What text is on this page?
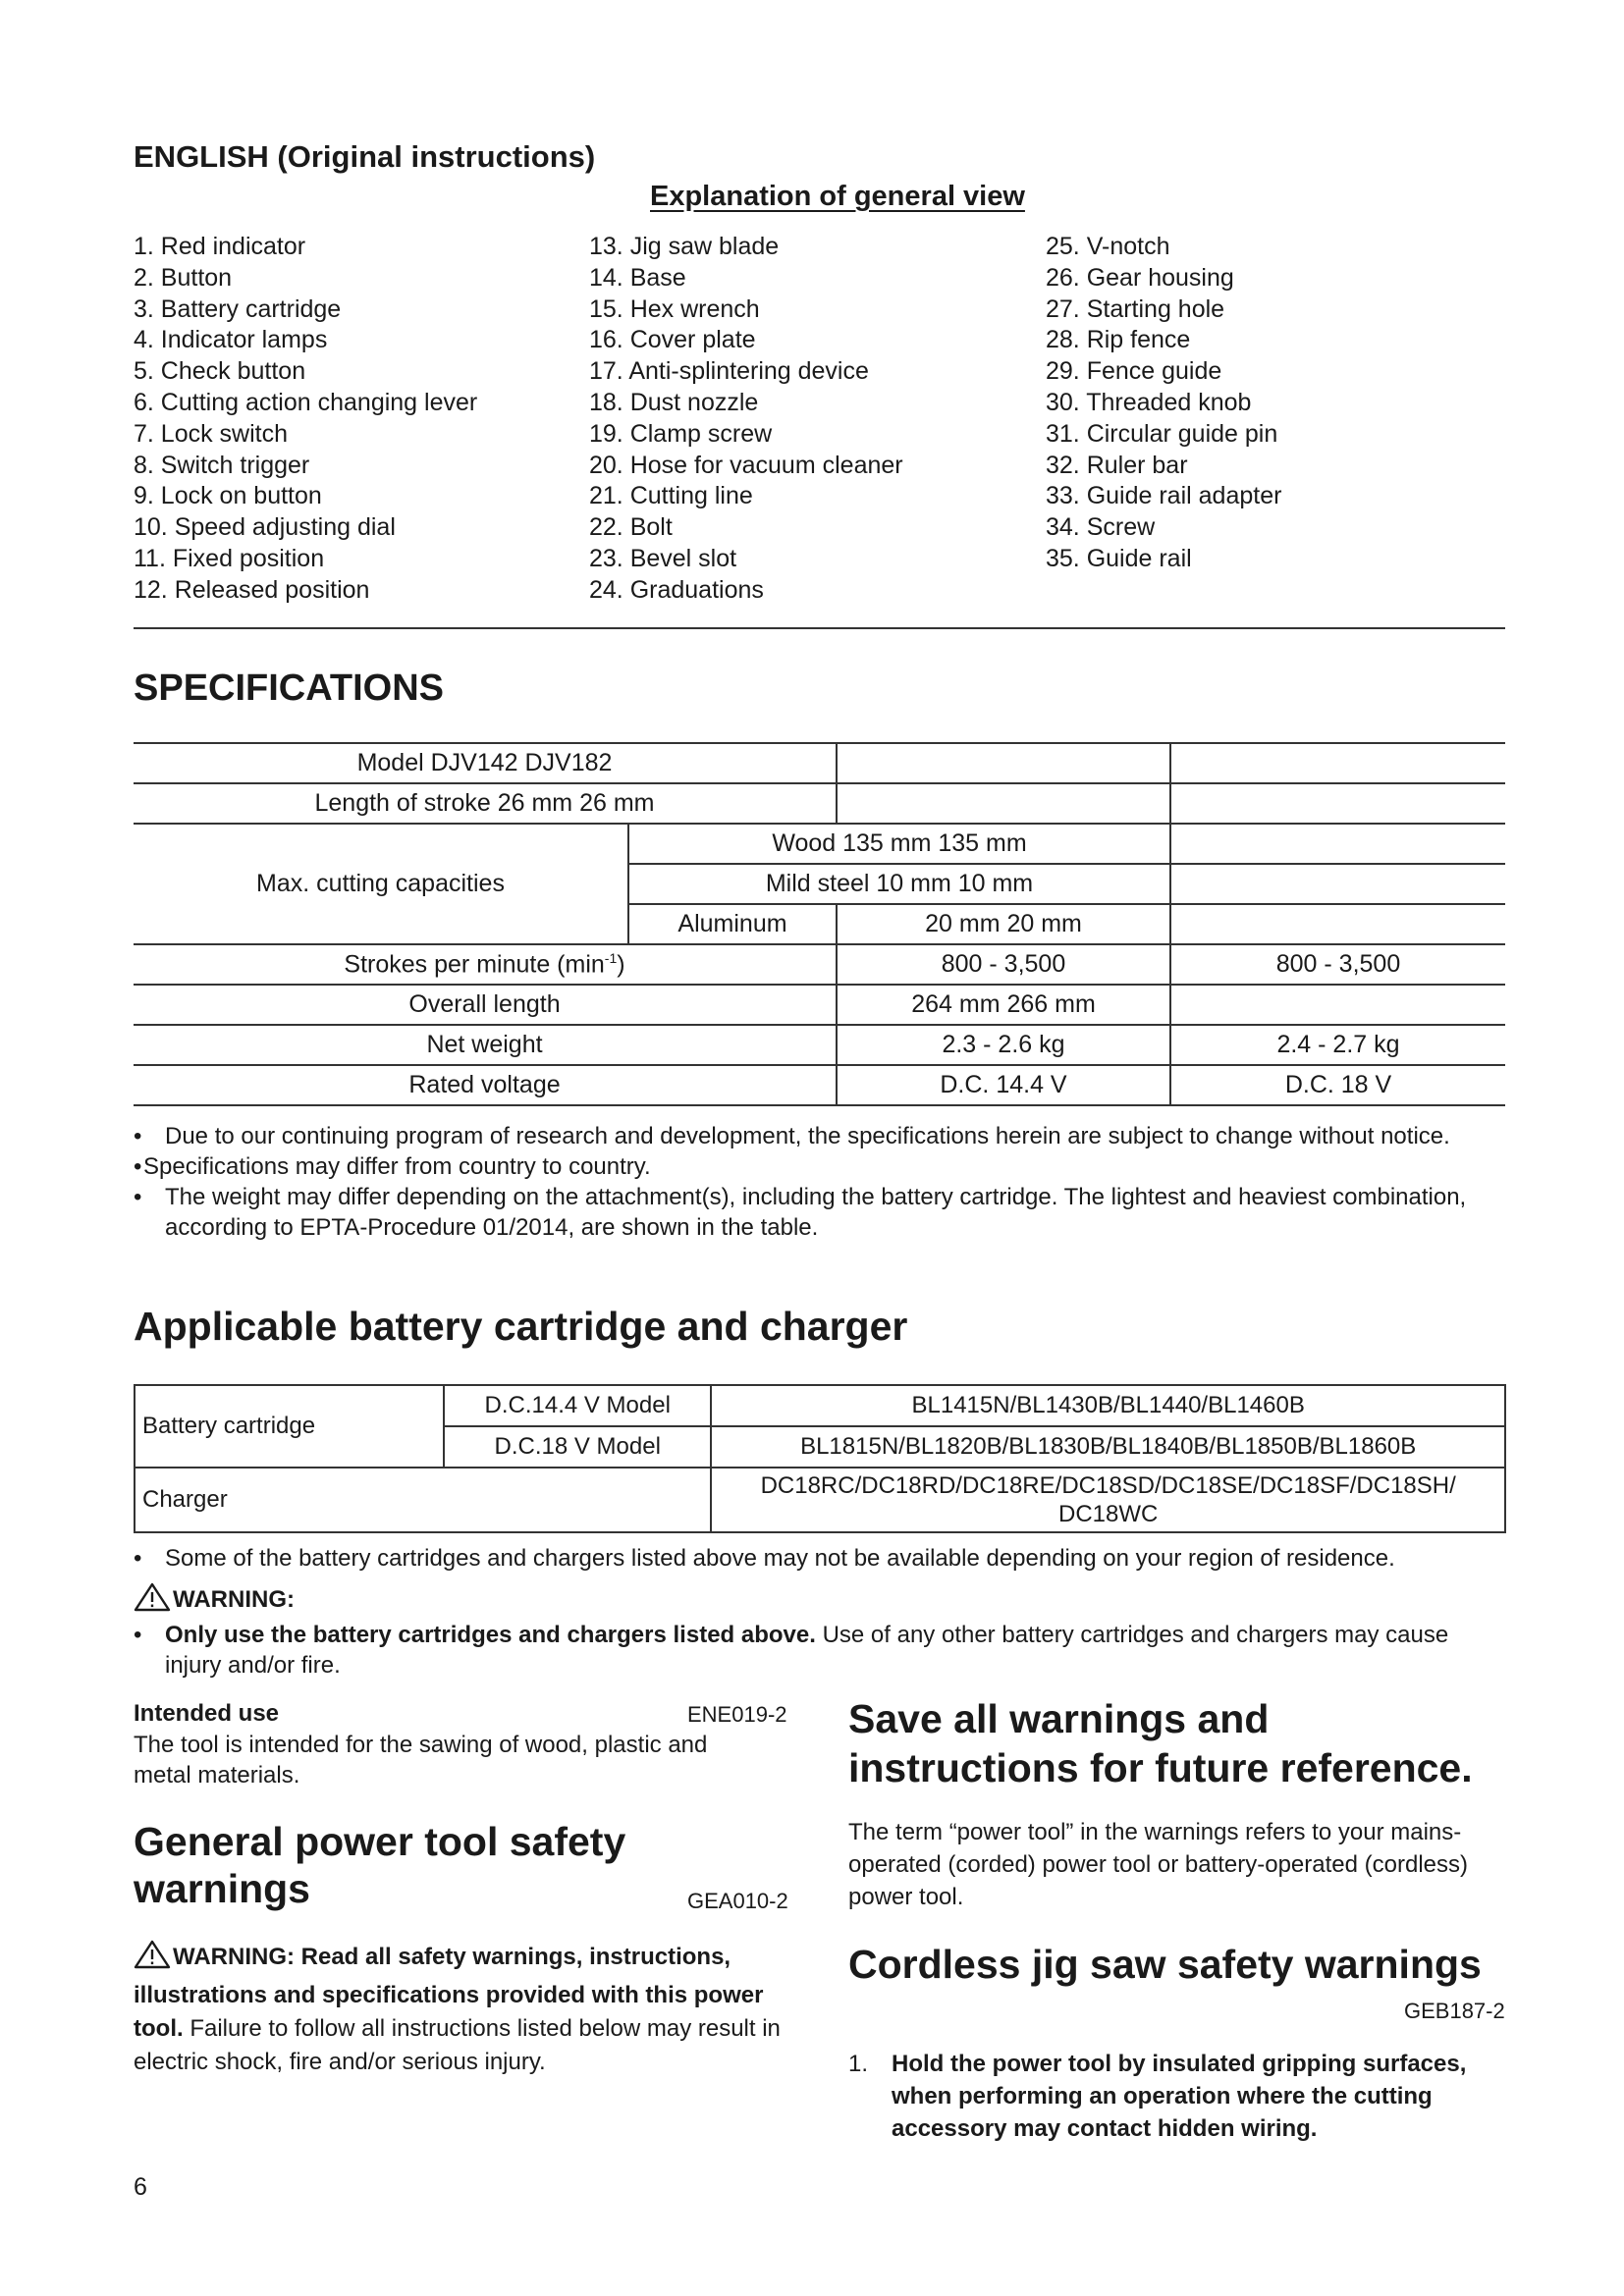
ENGLISH (Original instructions)
Explanation of general view
1. Red indicator
2. Button
3. Battery cartridge
4. Indicator lamps
5. Check button
6. Cutting action changing lever
7. Lock switch
8. Switch trigger
9. Lock on button
10. Speed adjusting dial
11. Fixed position
12. Released position
13. Jig saw blade
14. Base
15. Hex wrench
16. Cover plate
17. Anti-splintering device
18. Dust nozzle
19. Clamp screw
20. Hose for vacuum cleaner
21. Cutting line
22. Bolt
23. Bevel slot
24. Graduations
25. V-notch
26. Gear housing
27. Starting hole
28. Rip fence
29. Fence guide
30. Threaded knob
31. Circular guide pin
32. Ruler bar
33. Guide rail adapter
34. Screw
35. Guide rail
SPECIFICATIONS
Model DJV142 DJV182			
Length of stroke 26 mm 26 mm			
Max. cutting capacities	Wood 135 mm 135 mm		
	Mild steel 10 mm 10 mm		
	Aluminum	20 mm 20 mm	
Strokes per minute $(\min^{-1})$		800 - 3,500	800 - 3,500
Overall length		264 mm 266 mm	
Net weight		2.3 - 2.6 kg	2.4 - 2.7 kg
Rated voltage		D.C. 14.4 V	D.C. 18 V
• Due to our continuing program of research and development, the specifications herein are subject to change without notice.
• Specifications may differ from country to country.
• The weight may differ depending on the attachment(s), including the battery cartridge. The lightest and heaviest combination, according to EPTA-Procedure 01/2014, are shown in the table.
Applicable battery cartridge and charger
Battery cartridge	D.C.14.4 V Model	BL1415N/BL1430B/BL1440/BL1460B
	D.C.18 V Model	BL1815N/BL1820B/BL1830B/BL1840B/BL1850B/BL1860B
Charger		DC18RC/DC18RD/DC18RE/DC18SD/DC18SE/DC18SF/DC18SH/
DC18WC
• Some of the battery cartridges and chargers listed above may not be available depending on your region of residence.
WARNING:
• Only use the battery cartridges and chargers listed above. Use of any other battery cartridges and chargers may cause injury and/or fire.
Intended use	ENE019-2
The tool is intended for the sawing of wood, plastic and metal materials.
General power tool safety
warnings	GEA010-2
WARNING: Read all safety warnings, instructions, illustrations and specifications provided with this power tool. Failure to follow all instructions listed below may result in electric shock, fire and/or serious injury.
Save all warnings and
instructions for future reference.
The term “power tool” in the warnings refers to your mains-operated (corded) power tool or battery-operated (cordless) power tool.
Cordless jig saw safety warnings
GEB187-2
1. Hold the power tool by insulated gripping surfaces, when performing an operation where the cutting accessory may contact hidden wiring.
6
